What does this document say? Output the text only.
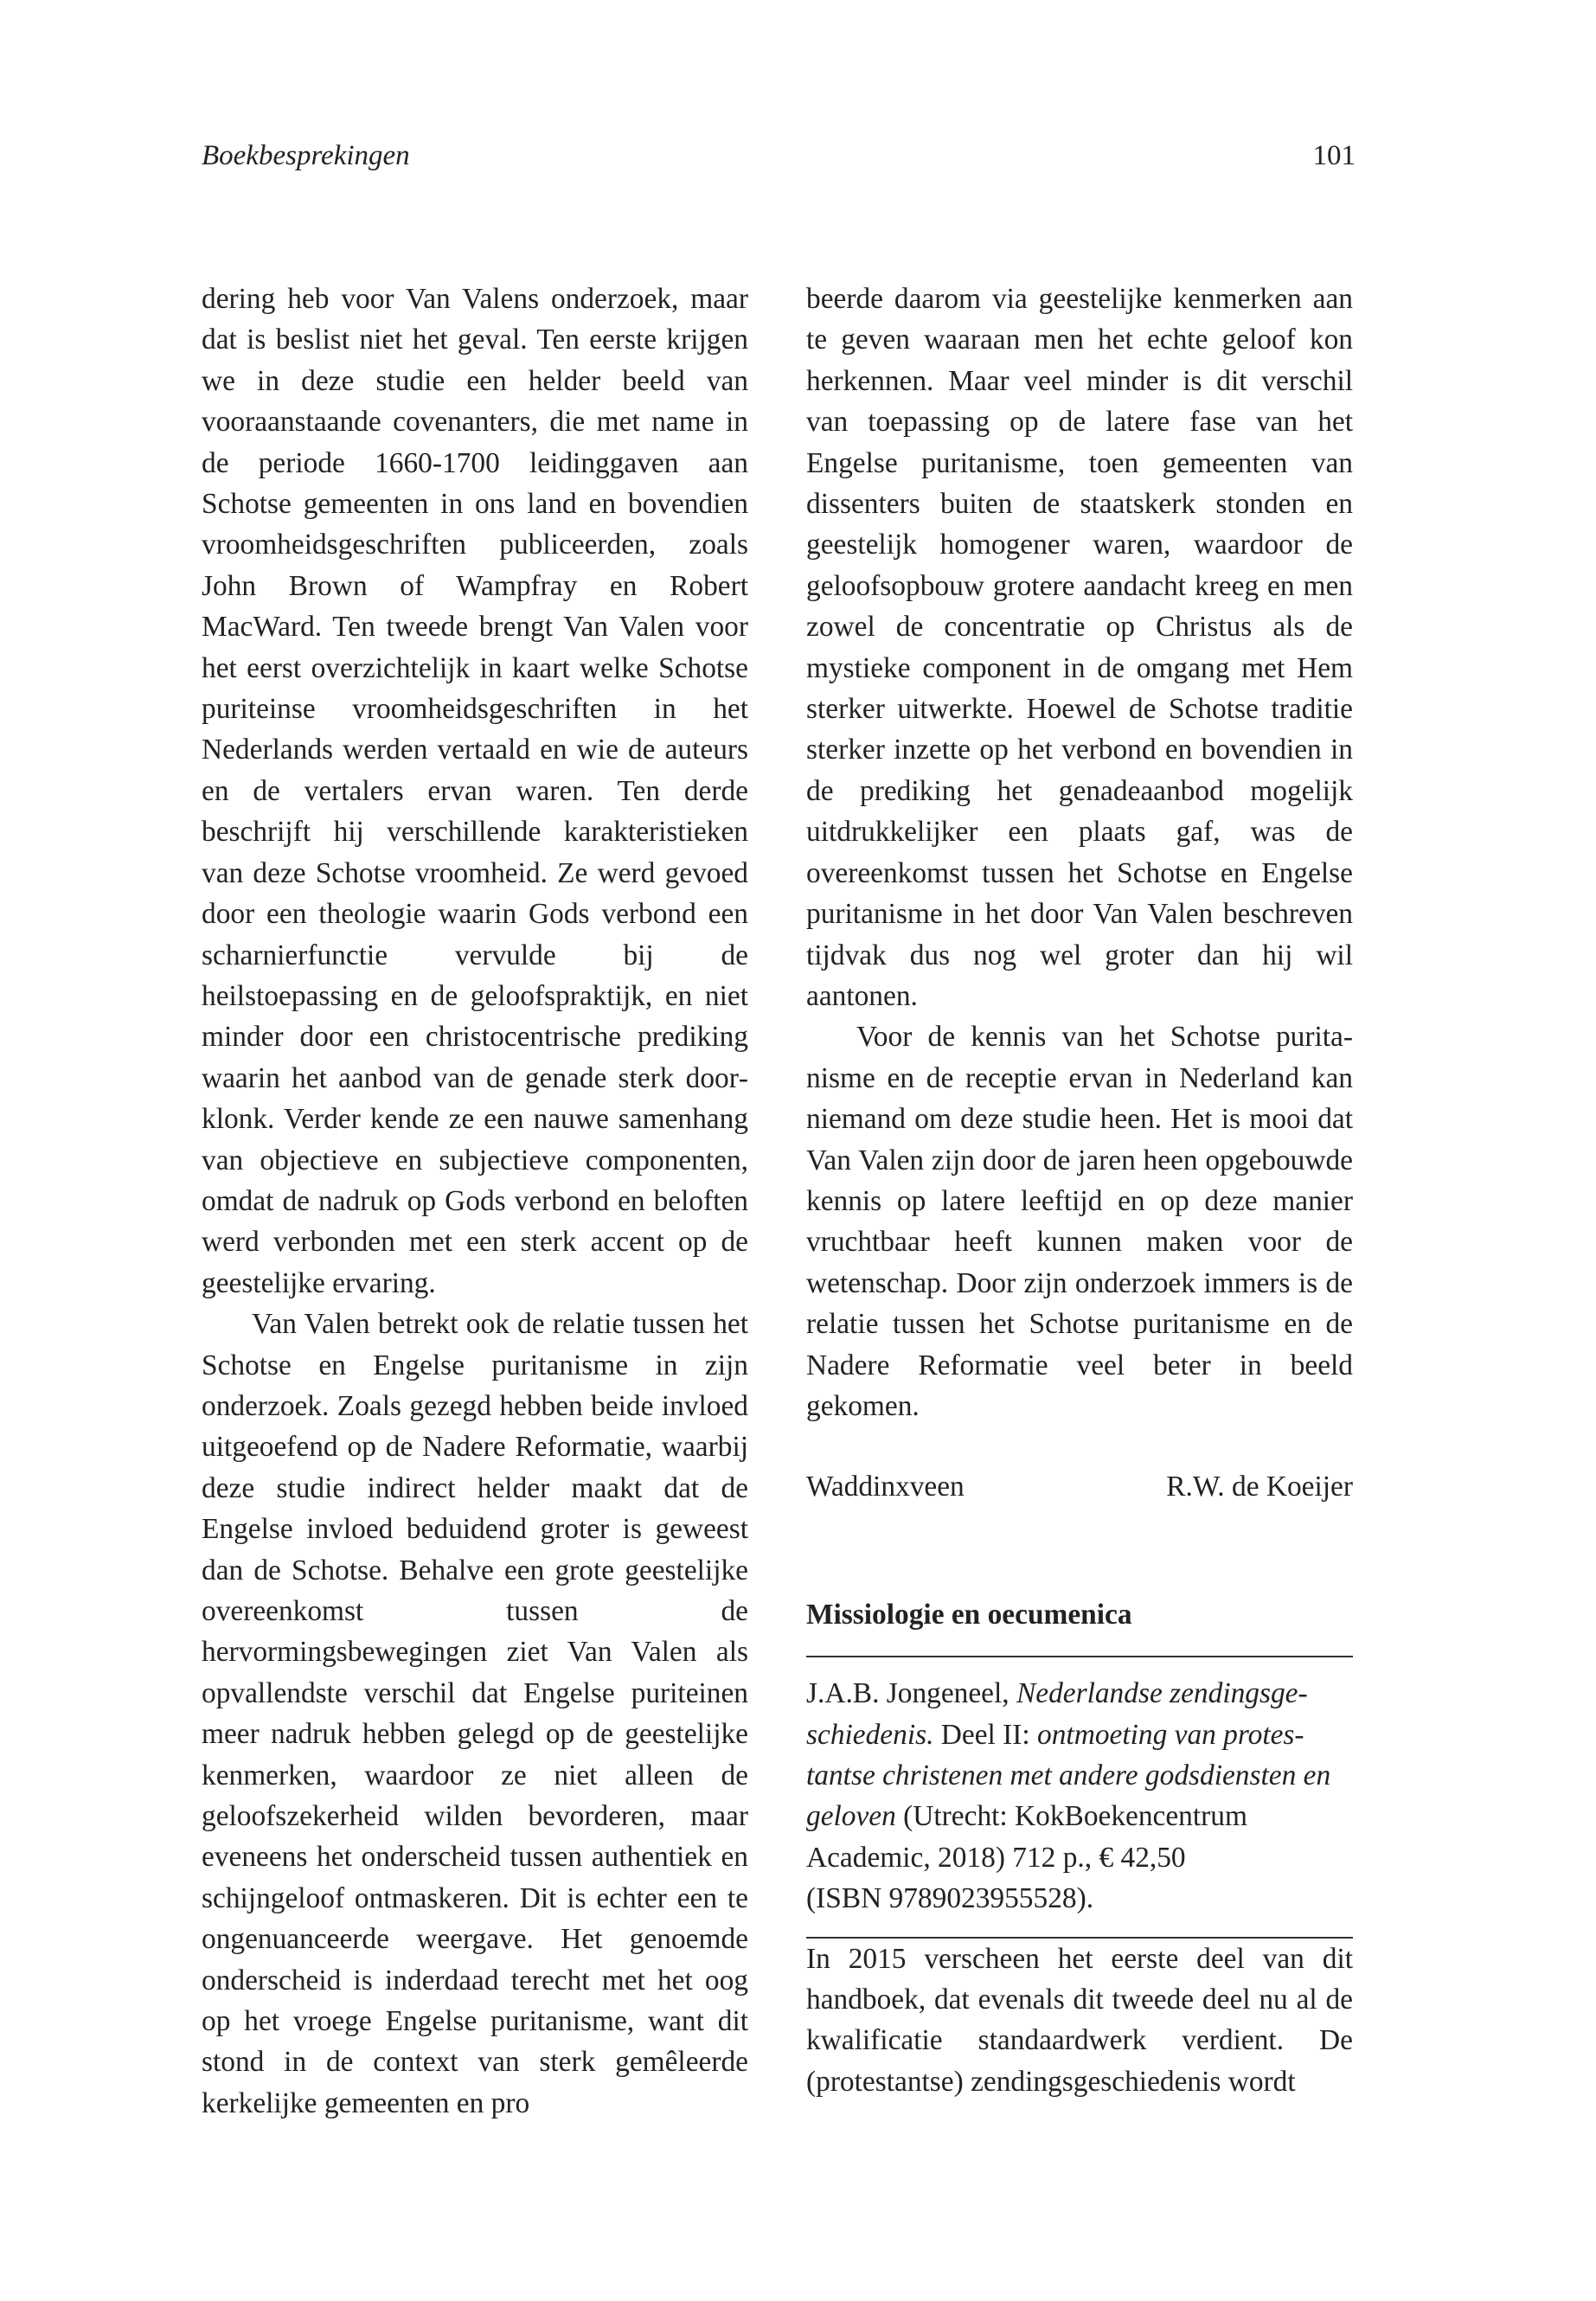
Boekbesprekingen	101

dering heb voor Van Valens onderzoek, maar dat is beslist niet het geval. Ten eerste krijgen we in deze studie een helder beeld van vooraanstaande covenanters, die met name in de periode 1660-1700 leidinggaven aan Schotse gemeenten in ons land en bovendien vroomheidsgeschriften publiceerden, zoals John Brown of Wampfray en Robert MacWard. Ten tweede brengt Van Valen voor het eerst overzichtelijk in kaart welke Schotse puriteinse vroomheidsgeschriften in het Nederlands werden vertaald en wie de auteurs en de vertalers ervan waren. Ten derde beschrijft hij verschillende karakteristieken van deze Schotse vroomheid. Ze werd gevoed door een theologie waarin Gods verbond een scharnierfunctie vervulde bij de heilstoepassing en de geloofspraktijk, en niet minder door een christocentrische prediking waarin het aanbod van de genade sterk doorklonk. Verder kende ze een nauwe samenhang van objectieve en subjectieve componenten, omdat de nadruk op Gods verbond en beloften werd verbonden met een sterk accent op de geestelijke ervaring.

Van Valen betrekt ook de relatie tussen het Schotse en Engelse puritanisme in zijn onderzoek. Zoals gezegd hebben beide invloed uitgeoefend op de Nadere Reformatie, waarbij deze studie indirect helder maakt dat de Engelse invloed beduidend groter is geweest dan de Schotse. Behalve een grote geestelijke overeenkomst tussen de hervormingsbewegingen ziet Van Valen als opvallendste verschil dat Engelse puriteinen meer nadruk hebben gelegd op de geestelijke kenmerken, waardoor ze niet alleen de geloofszekerheid wilden bevorderen, maar eveneens het onderscheid tussen authentiek en schijngeloof ontmaskeren. Dit is echter een te ongenuanceerde weergave. Het genoemde onderscheid is inderdaad terecht met het oog op het vroege Engelse puritanisme, want dit stond in de context van sterk gemêleerde kerkelijke gemeenten en pro

beerde daarom via geestelijke kenmerken aan te geven waaraan men het echte geloof kon herkennen. Maar veel minder is dit verschil van toepassing op de latere fase van het Engelse puritanisme, toen gemeenten van dissenters buiten de staatskerk stonden en geestelijk homogener waren, waardoor de geloofsopbouw grotere aandacht kreeg en men zowel de concentratie op Christus als de mystieke component in de omgang met Hem sterker uitwerkte. Hoewel de Schotse traditie sterker inzette op het verbond en bovendien in de prediking het genadeaanbod mogelijk uitdrukkelijker een plaats gaf, was de overeenkomst tussen het Schotse en Engelse puritanisme in het door Van Valen beschreven tijdvak dus nog wel groter dan hij wil aantonen.

Voor de kennis van het Schotse puritanisme en de receptie ervan in Nederland kan niemand om deze studie heen. Het is mooi dat Van Valen zijn door de jaren heen opgebouwde kennis op latere leeftijd en op deze manier vruchtbaar heeft kunnen maken voor de wetenschap. Door zijn onderzoek immers is de relatie tussen het Schotse puritanisme en de Nadere Reformatie veel beter in beeld gekomen.

Waddinxveen	R.W. de Koeijer
Missiologie en oecumenica
J.A.B. Jongeneel, Nederlandse zendingsgeschiedenis. Deel II: ontmoeting van protestantse christenen met andere godsdiensten en geloven (Utrecht: KokBoekencentrum Academic, 2018) 712 p., € 42,50
(ISBN 9789023955528).

In 2015 verscheen het eerste deel van dit handboek, dat evenals dit tweede deel nu al de kwalificatie standaardwerk verdient. De (protestantse) zendingsgeschiedenis wordt
